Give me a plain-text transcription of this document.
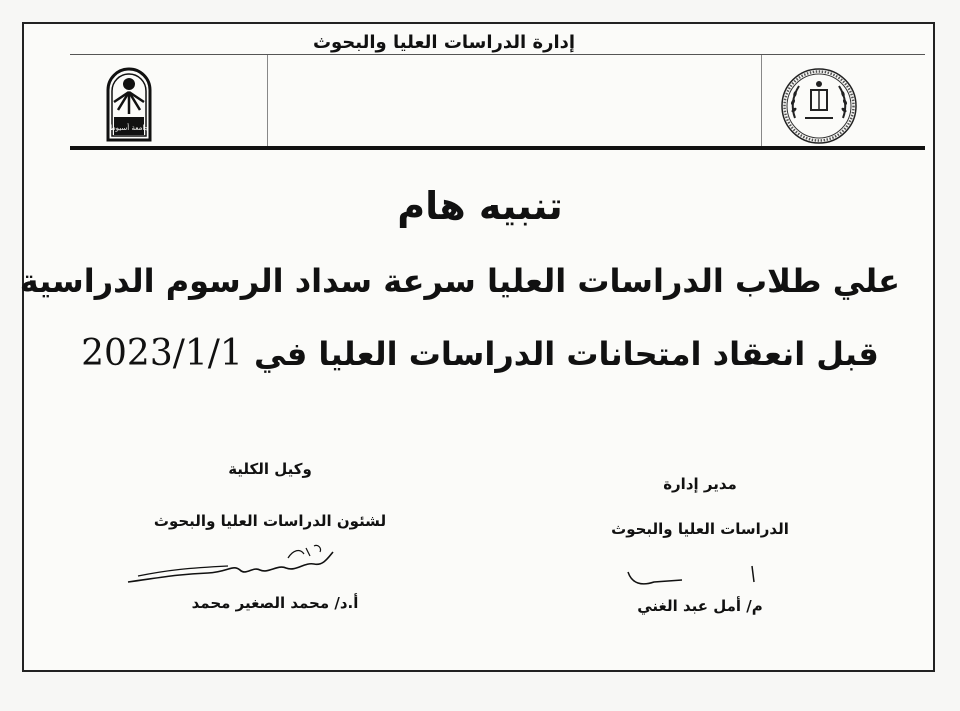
إدارة الدراسات العليا والبحوث
جامعة أسيوط
تنبيه هام
علي طلاب الدراسات العليا سرعة سداد الرسوم الدراسية
قبل انعقاد امتحانات الدراسات العليا في 2023/1/1
وكيل الكلية
لشئون الدراسات العليا والبحوث
أ.د/ محمد الصغير محمد
مدير إدارة
الدراسات العليا والبحوث
م/ أمل عبد الغني
